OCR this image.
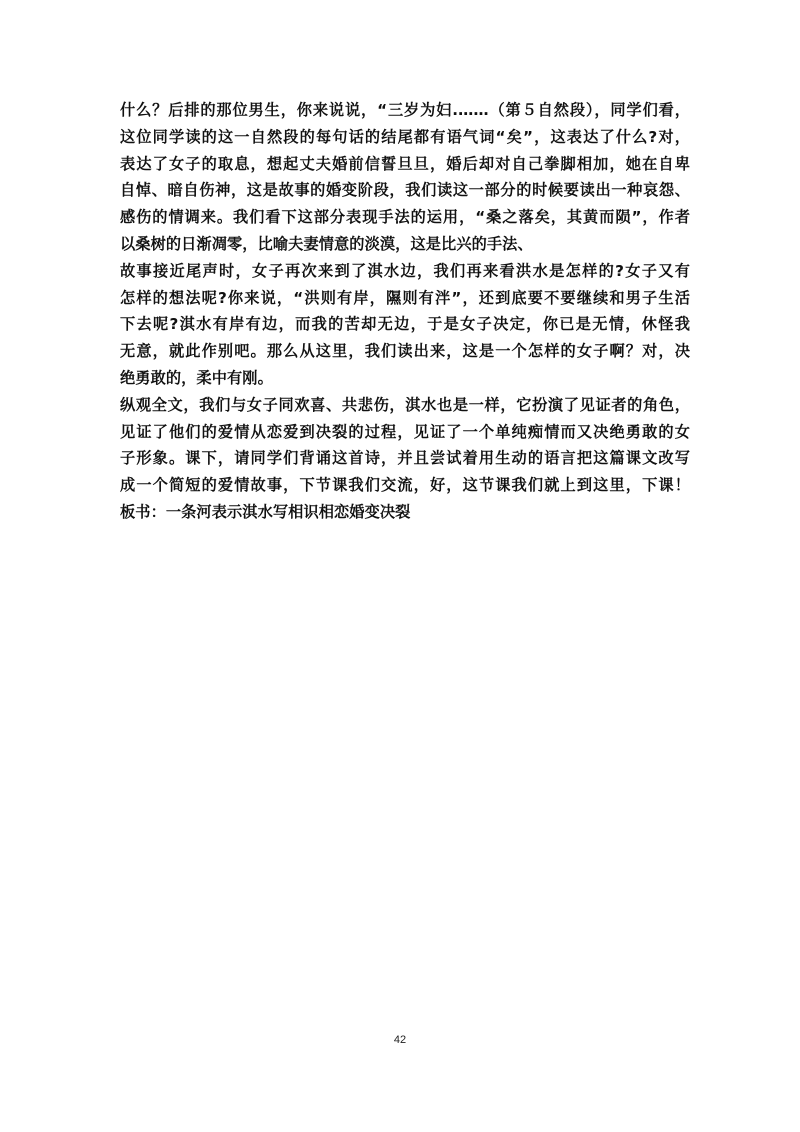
什么？后排的那位男生，你来说说，“三岁为妇.……（第５自然段），同学们看，
这位同学读的这一自然段的每句话的结尾都有语气词“矣”，这表达了什么?对，
表达了女子的取息，想起丈夫婚前信誓旦旦，婚后却对自己拳脚相加，她在自卑
自悼、暗自伤神，这是故事的婚变阶段，我们读这一部分的时候要读出一种哀怨、
感伤的情调来。我们看下这部分表现手法的运用，“桑之落矣，其黄而陨”，作者
以桑树的日渐凋零，比喻夫妻情意的淡漠，这是比兴的手法、
故事接近尾声时，女子再次来到了淇水边，我们再来看洪水是怎样的?女子又有
怎样的想法呢?你来说，“洪则有岸，隰则有泮”，还到底要不要继续和男子生活
下去呢?淇水有岸有边，而我的苦却无边，于是女子决定，你已是无情，休怪我
无意，就此作别吧。那么从这里，我们读出来，这是一个怎样的女子啊？对，决
绝勇敢的，柔中有刚。
纵观全文，我们与女子同欢喜、共悲伤，淇水也是一样，它扮演了见证者的角色，
见证了他们的爱情从恋爱到决裂的过程，见证了一个单纯痴情而又决绝勇敢的女
子形象。课下，请同学们背诵这首诗，并且尝试着用生动的语言把这篇课文改写
成一个简短的爱情故事，下节课我们交流，好，这节课我们就上到这里，下课！
板书：一条河表示淇水写相识相恋婚变决裂
42
